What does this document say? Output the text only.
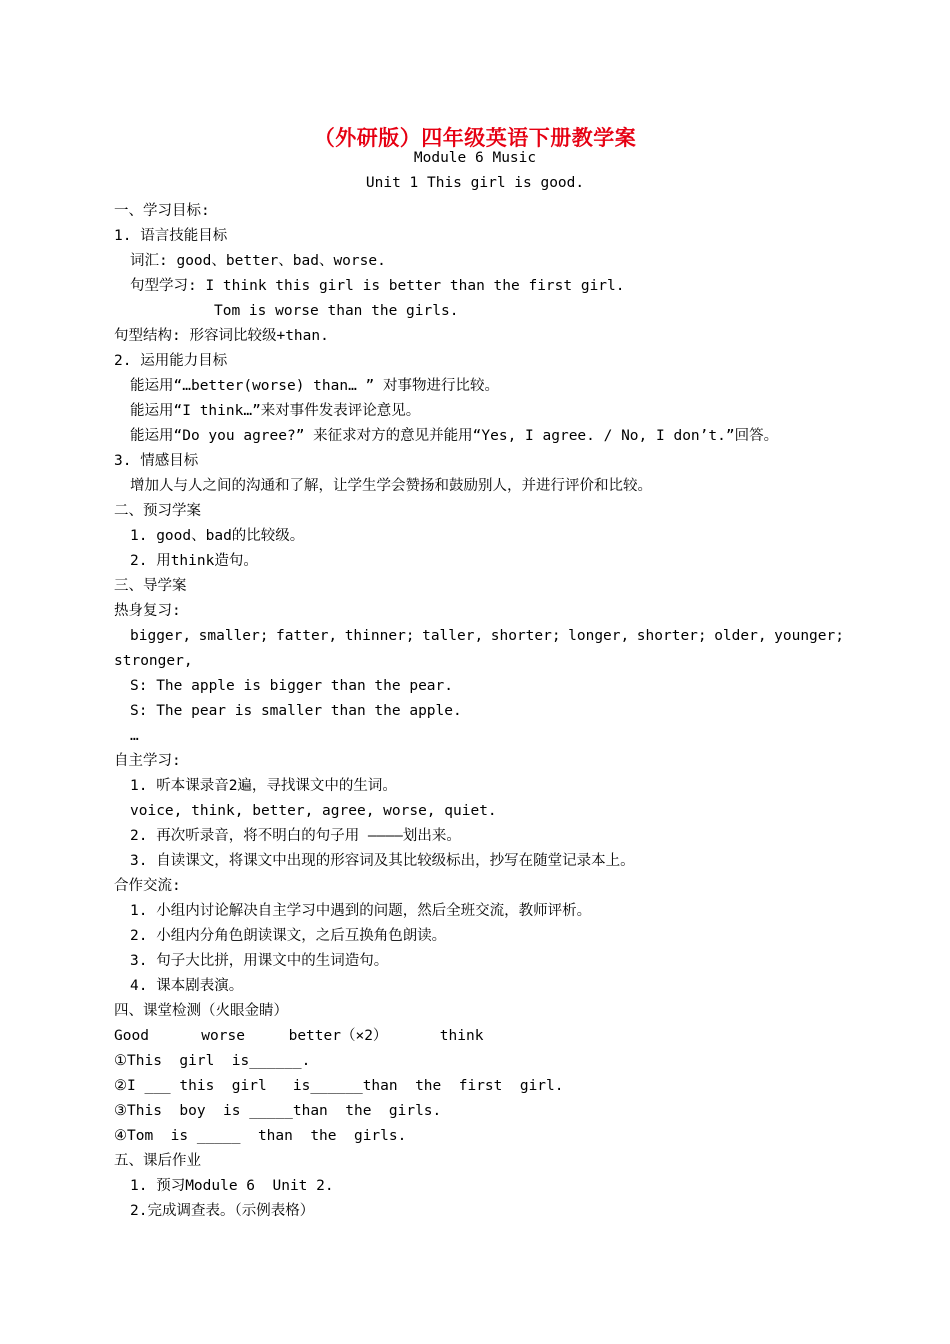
（外研版）四年级英语下册教学案
Module 6 Music
Unit 1 This girl is good.
一、学习目标:
1. 语言技能目标
词汇: good、better、bad、worse.
句型学习: I think this girl is better than the first girl.
Tom is worse than the girls.
句型结构: 形容词比较级+than.
2. 运用能力目标
能运用“…better(worse) than… ” 对事物进行比较。
能运用“I think…”来对事件发表评论意见。
能运用“Do you agree?” 来征求对方的意见并能用“Yes, I agree. / No, I don’t.”回答。
3. 情感目标
增加人与人之间的沟通和了解，让学生学会赞扬和鼓励别人，并进行评价和比较。
二、预习学案
1. good、bad的比较级。
2. 用think造句。
三、导学案
热身复习:
bigger, smaller; fatter, thinner; taller, shorter; longer, shorter; older, younger;
stronger,
S: The apple is bigger than the pear.
S: The pear is smaller than the apple.
…
自主学习:
1. 听本课录音2遍，寻找课文中的生词。
voice, think, better, agree, worse, quiet.
2. 再次听录音，将不明白的句子用 ————划出来。
3. 自读课文，将课文中出现的形容词及其比较级标出，抄写在随堂记录本上。
合作交流:
1. 小组内讨论解决自主学习中遇到的问题，然后全班交流，教师评析。
2. 小组内分角色朗读课文，之后互换角色朗读。
3. 句子大比拼，用课文中的生词造句。
4. 课本剧表演。
四、课堂检测（火眼金睛）
Good      worse     better（×2）      think
①This  girl  is______.
②I ___ this  girl   is______than  the  first  girl.
③This  boy  is _____than  the  girls.
④Tom  is _____  than  the  girls.
五、课后作业
1. 预习Module 6  Unit 2.
2.完成调查表。（示例表格）
